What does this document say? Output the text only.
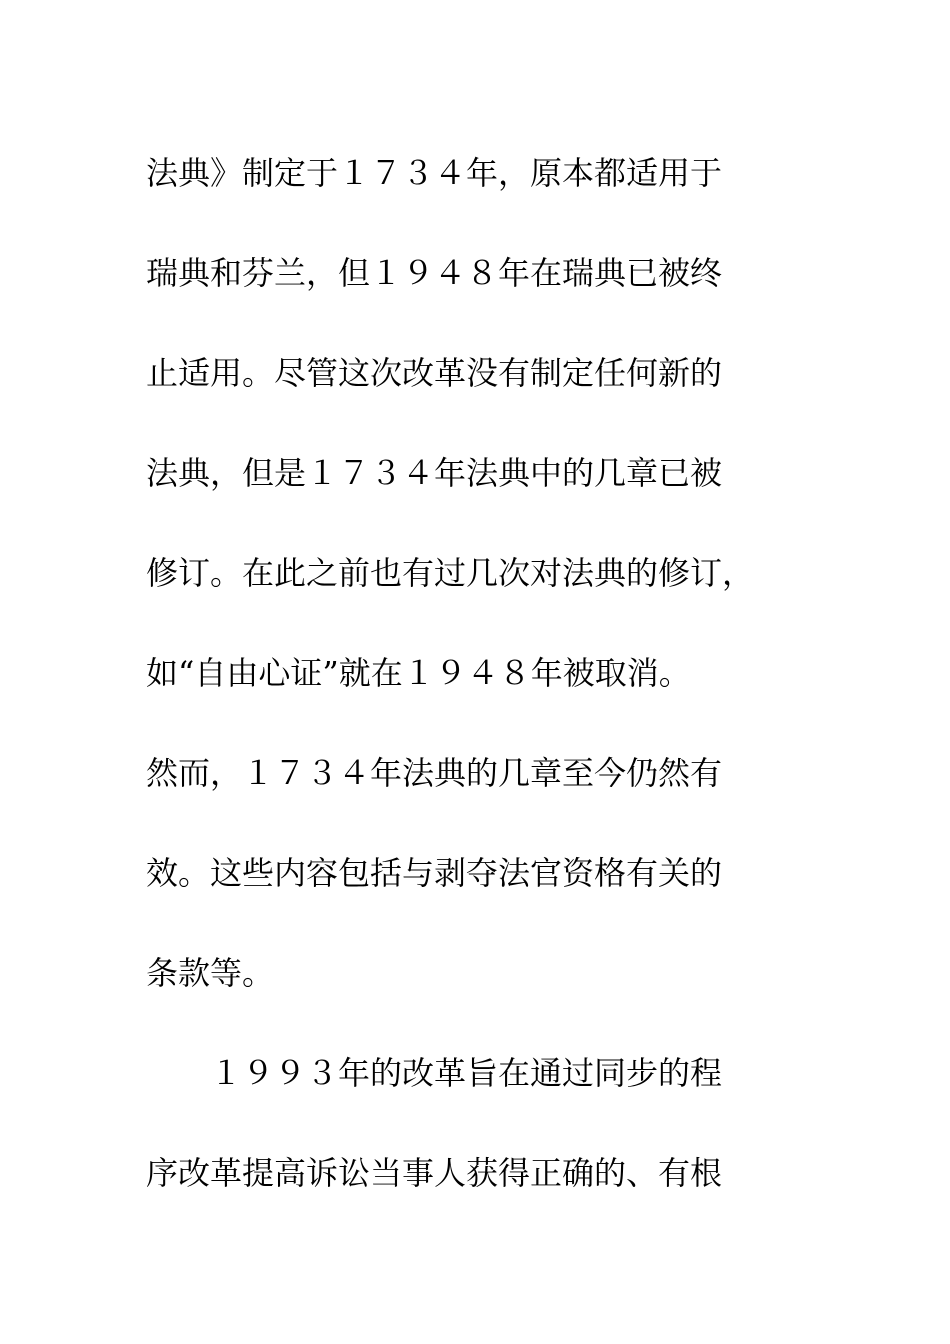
法典》制定于１７３４年，原本都适用于
瑞典和芬兰，但１９４８年在瑞典已被终
止适用。尽管这次改革没有制定任何新的
法典，但是１７３４年法典中的几章已被
修订。在此之前也有过几次对法典的修订，
如“自由心证”就在１９４８年被取消。
然而，１７３４年法典的几章至今仍然有
效。这些内容包括与剥夺法官资格有关的
条款等。
１９９３年的改革旨在通过同步的程
序改革提高诉讼当事人获得正确的、有根
